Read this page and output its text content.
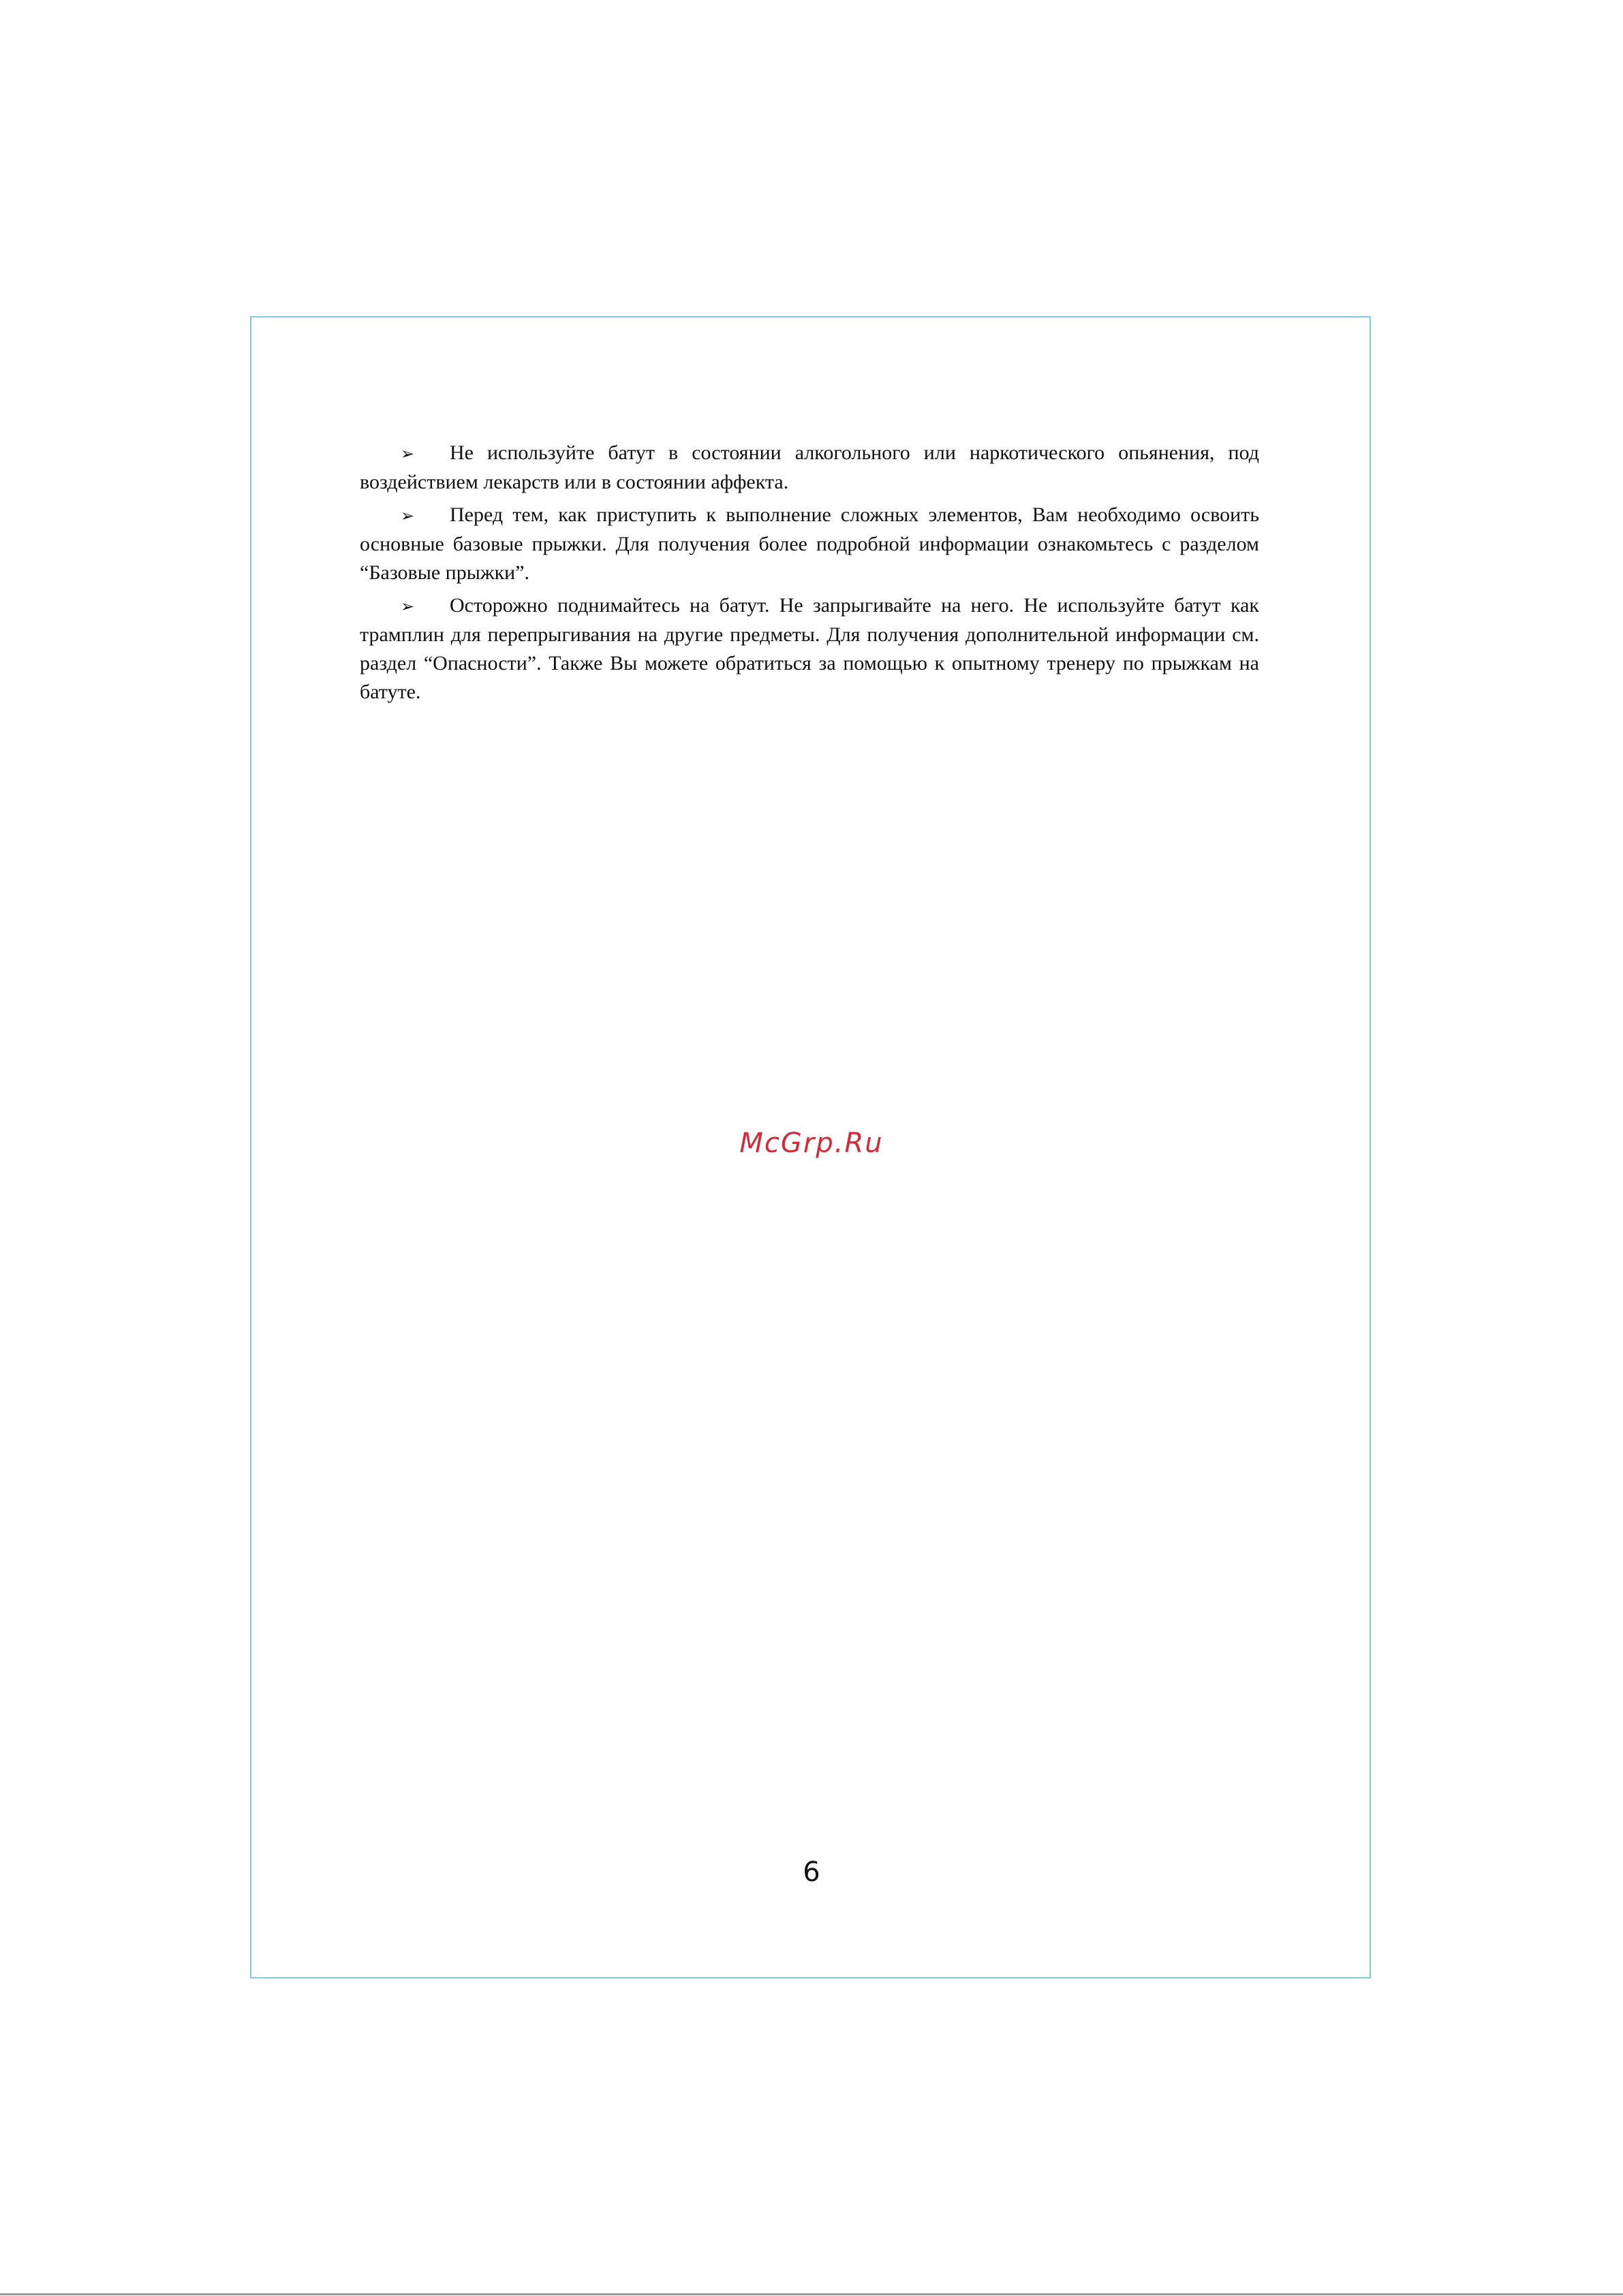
➢ Не используйте батут в состоянии алкогольного или наркотического опьянения, под воздействием лекарств или в состоянии аффекта.

➢ Перед тем, как приступить к выполнение сложных элементов, Вам необходимо освоить основные базовые прыжки. Для получения более подробной информации ознакомьтесь с разделом “Базовые прыжки”.

➢ Осторожно поднимайтесь на батут. Не запрыгивайте на него. Не используйте батут как трамплин для перепрыгивания на другие предметы. Для получения дополнительной информации см. раздел “Опасности”. Также Вы можете обратиться за помощью к опытному тренеру по прыжкам на батуте.

McGrp.Ru
6
